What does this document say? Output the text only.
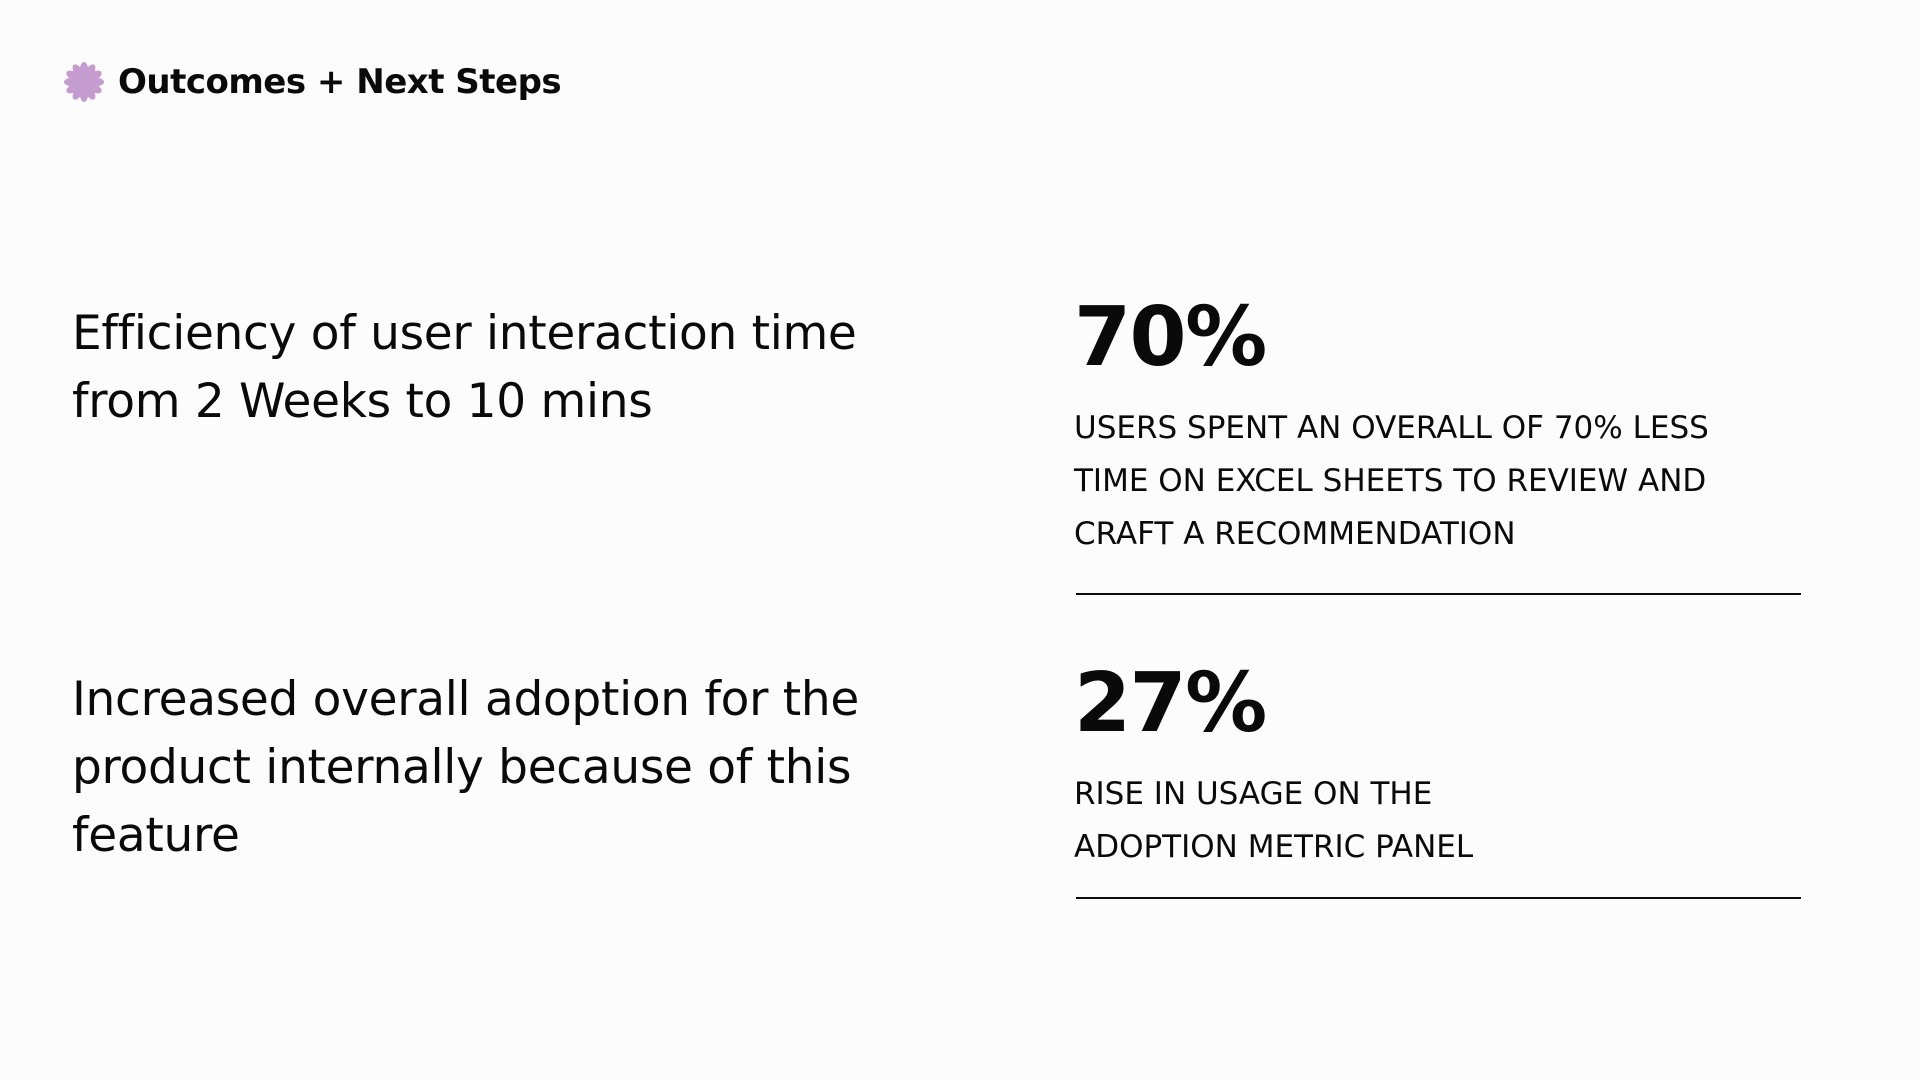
Outcomes + Next Steps
Efficiency of user interaction time from 2 Weeks to 10 mins
70%
USERS SPENT AN OVERALL OF 70% LESS
TIME ON EXCEL SHEETS TO REVIEW AND
CRAFT A RECOMMENDATION
Increased overall adoption for the product internally because of this feature
27%
RISE IN USAGE ON THE
ADOPTION METRIC PANEL
